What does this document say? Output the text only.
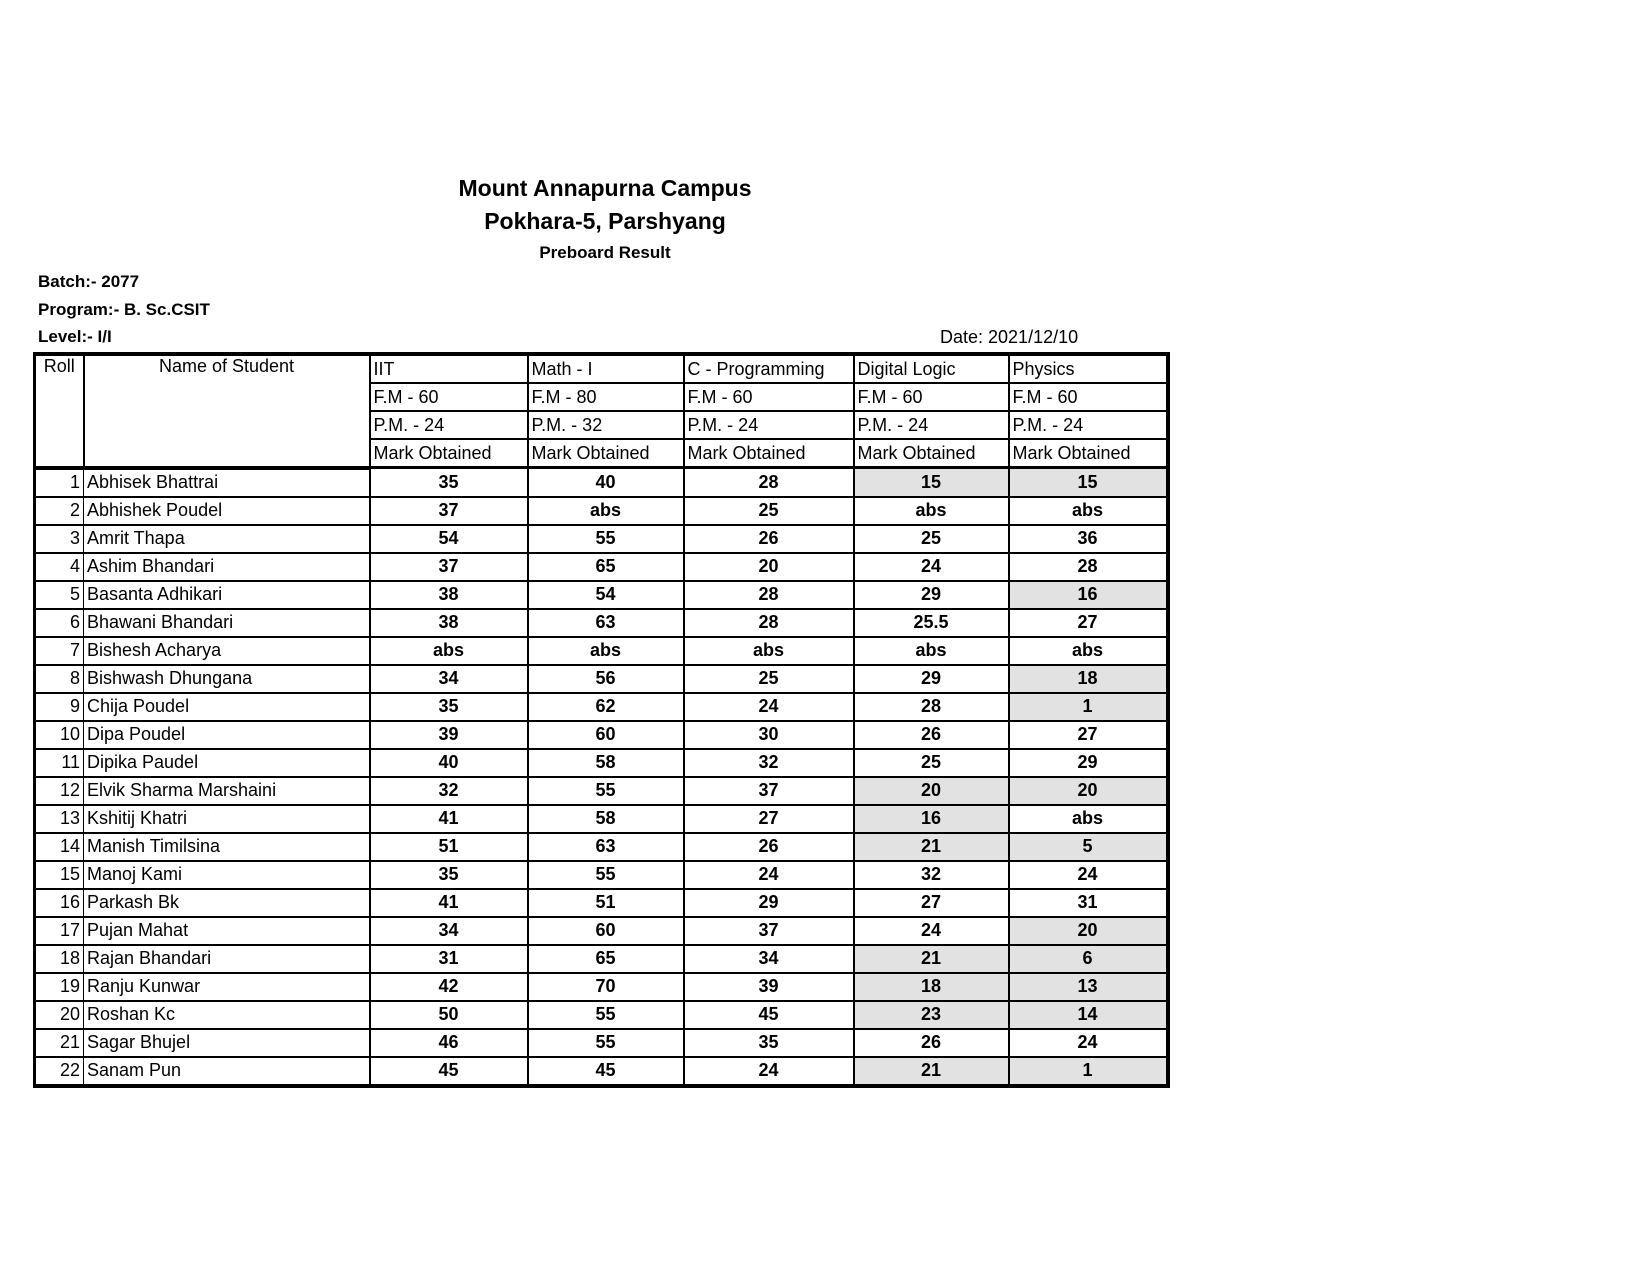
Mount Annapurna Campus
Pokhara-5, Parshyang
Preboard Result
Batch:- 2077
Program:- B. Sc.CSIT
Level:- I/I	Date: 2021/12/10
Roll	Name of Student	IIT	Math - I	C - Programming	Digital Logic	Physics
		F.M - 60	F.M - 80	F.M - 60	F.M - 60	F.M - 60
		P.M. - 24	P.M. - 32	P.M. - 24	P.M. - 24	P.M. - 24
		Mark Obtained	Mark Obtained	Mark Obtained	Mark Obtained	Mark Obtained
1	Abhisek Bhattrai	35	40	28	15	15
2	Abhishek Poudel	37	abs	25	abs	abs
3	Amrit Thapa	54	55	26	25	36
4	Ashim Bhandari	37	65	20	24	28
5	Basanta Adhikari	38	54	28	29	16
6	Bhawani Bhandari	38	63	28	25.5	27
7	Bishesh Acharya	abs	abs	abs	abs	abs
8	Bishwash Dhungana	34	56	25	29	18
9	Chija Poudel	35	62	24	28	1
10	Dipa Poudel	39	60	30	26	27
11	Dipika Paudel	40	58	32	25	29
12	Elvik Sharma Marshaini	32	55	37	20	20
13	Kshitij Khatri	41	58	27	16	abs
14	Manish Timilsina	51	63	26	21	5
15	Manoj Kami	35	55	24	32	24
16	Parkash Bk	41	51	29	27	31
17	Pujan Mahat	34	60	37	24	20
18	Rajan Bhandari	31	65	34	21	6
19	Ranju Kunwar	42	70	39	18	13
20	Roshan Kc	50	55	45	23	14
21	Sagar Bhujel	46	55	35	26	24
22	Sanam Pun	45	45	24	21	1
